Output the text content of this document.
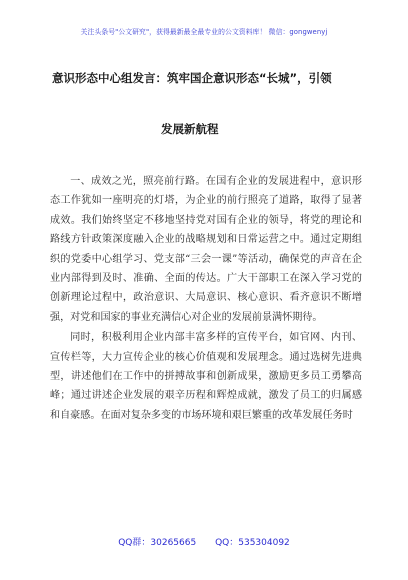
关注头条号"公文研究"，获得最新最全最专业的公文资料库！ 微信：gongwenyj
意识形态中心组发言：筑牢国企意识形态“长城”，引领
发展新航程

一、成效之光，照亮前行路。在国有企业的发展进程中，意识形态工作犹如一座明亮的灯塔，为企业的前行照亮了道路，取得了显著成效。我们始终坚定不移地坚持党对国有企业的领导，将党的理论和路线方针政策深度融入企业的战略规划和日常运营之中。通过定期组织的党委中心组学习、党支部“三会一课”等活动，确保党的声音在企业内部得到及时、准确、全面的传达。广大干部职工在深入学习党的创新理论过程中，政治意识、大局意识、核心意识、看齐意识不断增强，对党和国家的事业充满信心对企业的发展前景满怀期待。

同时，积极利用企业内部丰富多样的宣传平台，如官网、内刊、宣传栏等，大力宣传企业的核心价值观和发展理念。通过选树先进典型，讲述他们在工作中的拼搏故事和创新成果，激励更多员工勇攀高峰；通过讲述企业发展的艰辛历程和辉煌成就，激发了员工的归属感和自豪感。在面对复杂多变的市场环境和艰巨繁重的改革发展任务时

QQ群：30265665 QQ：535304092
